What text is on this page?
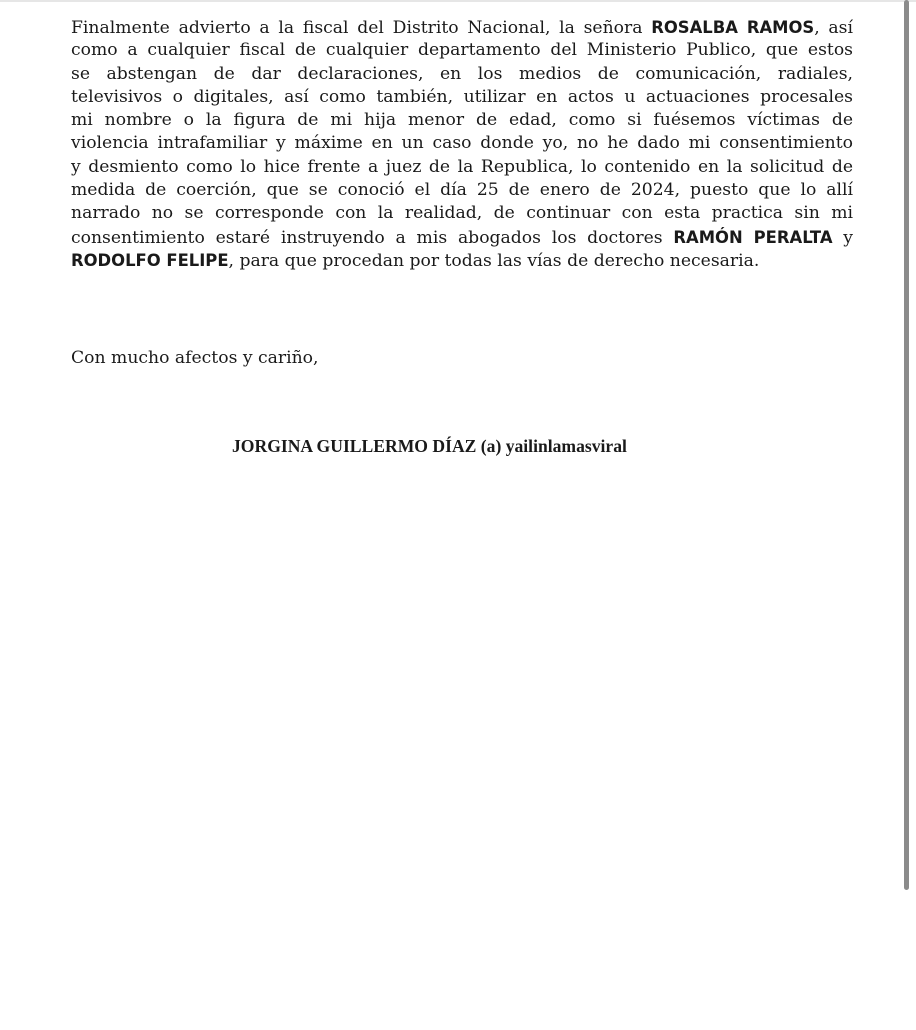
Finalmente advierto a la fiscal del Distrito Nacional, la señora ROSALBA RAMOS, así
como a cualquier fiscal de cualquier departamento del Ministerio Publico, que estos
se abstengan de dar declaraciones, en los medios de comunicación, radiales,
televisivos o digitales, así como también, utilizar en actos u actuaciones procesales
mi nombre o la figura de mi hija menor de edad, como si fuésemos víctimas de
violencia intrafamiliar y máxime en un caso donde yo, no he dado mi consentimiento
y desmiento como lo hice frente a juez de la Republica, lo contenido en la solicitud de
medida de coerción, que se conoció el día 25 de enero de 2024, puesto que lo allí
narrado no se corresponde con la realidad, de continuar con esta practica sin mi
consentimiento estaré instruyendo a mis abogados los doctores RAMÓN PERALTA y
RODOLFO FELIPE, para que procedan por todas las vías de derecho necesaria.
Con mucho afectos y cariño,
JORGINA GUILLERMO DÍAZ (a) yailinlamasviral
